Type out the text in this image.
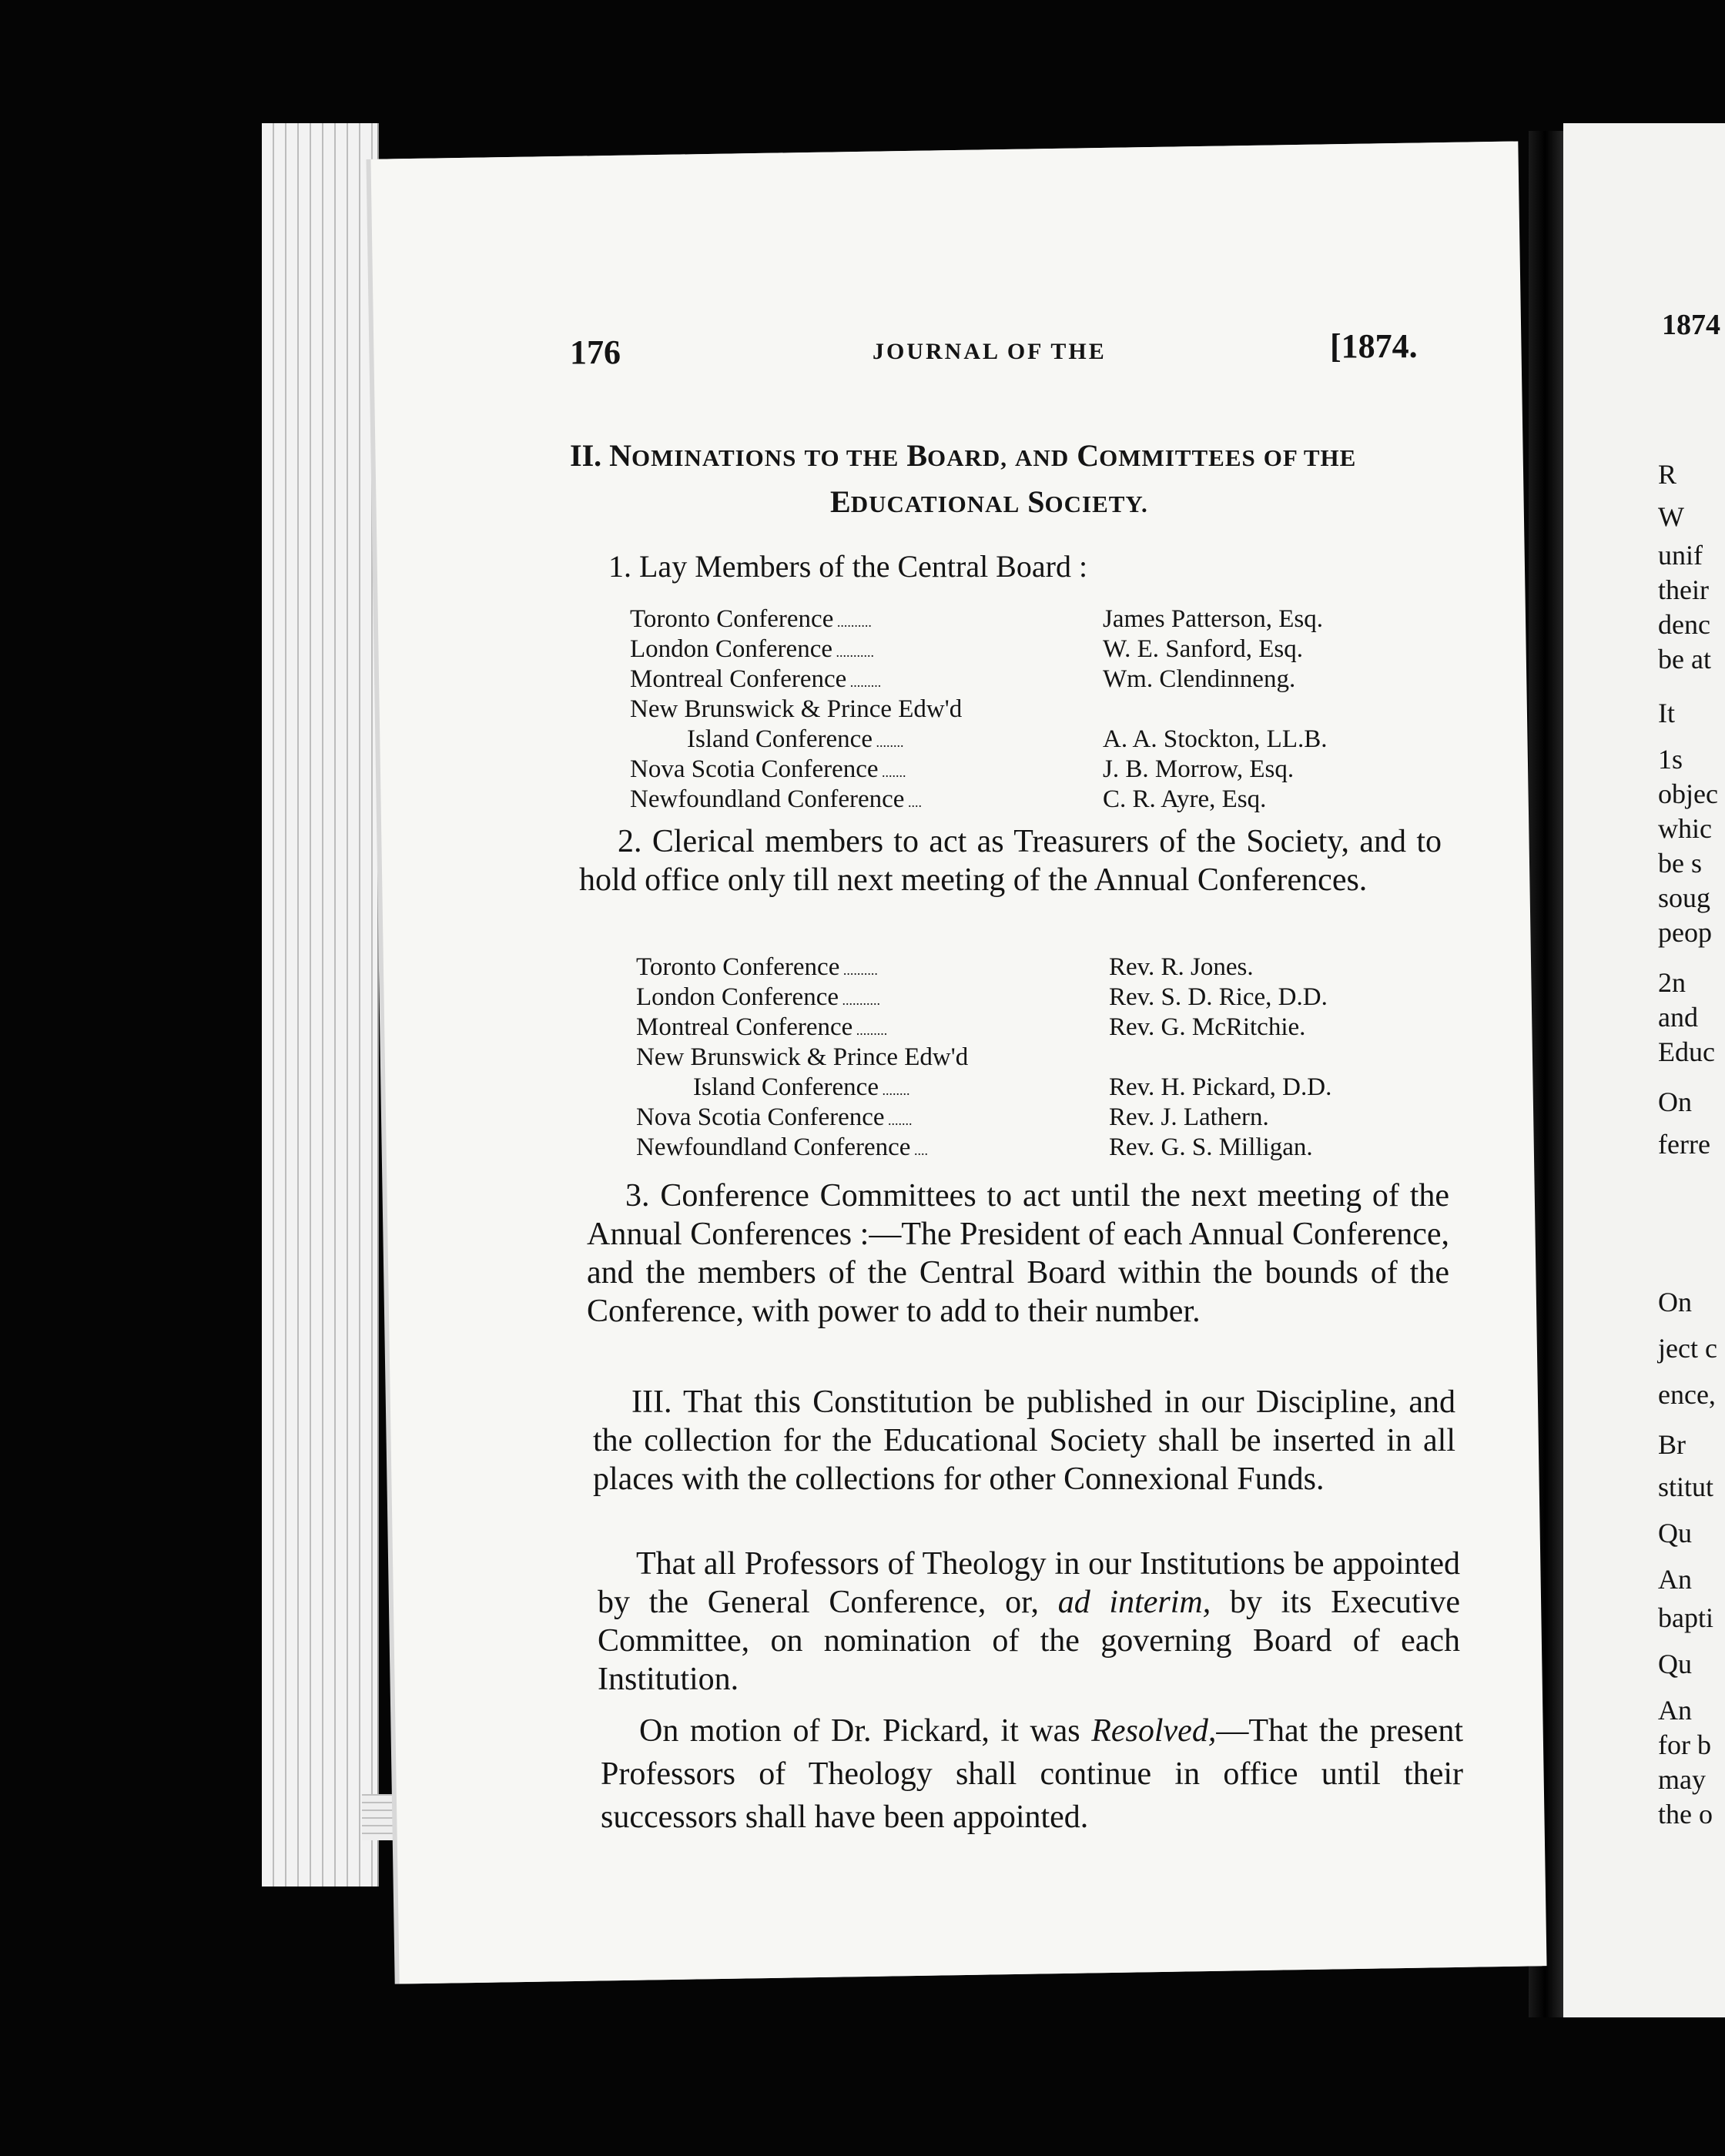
176	JOURNAL OF THE	[1874.
II. NOMINATIONS TO THE BOARD, AND COMMITTEES OF THE
EDUCATIONAL SOCIETY.
1. Lay Members of the Central Board :
Toronto Conference ..........	James Patterson, Esq.
London Conference ...........	W. E. Sanford, Esq.
Montreal Conference .........	Wm. Clendinneng.
New Brunswick & Prince Edw'd	
Island Conference ........	A. A. Stockton, LL.B.
Nova Scotia Conference .......	J. B. Morrow, Esq.
Newfoundland Conference ....	C. R. Ayre, Esq.

2. Clerical members to act as Treasurers of the Society, and to hold office only till next meeting of the Annual Conferences.

Toronto Conference ..........	Rev. R. Jones.
London Conference ...........	Rev. S. D. Rice, D.D.
Montreal Conference .........	Rev. G. McRitchie.
New Brunswick & Prince Edw'd	
Island Conference ........	Rev. H. Pickard, D.D.
Nova Scotia Conference .......	Rev. J. Lathern.
Newfoundland Conference ....	Rev. G. S. Milligan.

3. Conference Committees to act until the next meeting of the Annual Conferences :—The President of each Annual Conference, and the members of the Central Board within the bounds of the Conference, with power to add to their number.

III. That this Constitution be published in our Discipline, and the collection for the Educational Society shall be inserted in all places with the collections for other Connexional Funds.

That all Professors of Theology in our Institutions be appointed by the General Conference, or, ad interim, by its Executive Committee, on nomination of the governing Board of each Institution.

On motion of Dr. Pickard, it was Resolved,—That the present Professors of Theology shall continue in office until their successors shall have been appointed.

1874
R
W
unif
their
denc
be at
It
1s
objec
whic
be s
soug
peop
2n
and
Educ
On
ferre
On
ject c
ence,
Br
stitut
Qu
An
bapti
Qu
An
for b
may
the o
